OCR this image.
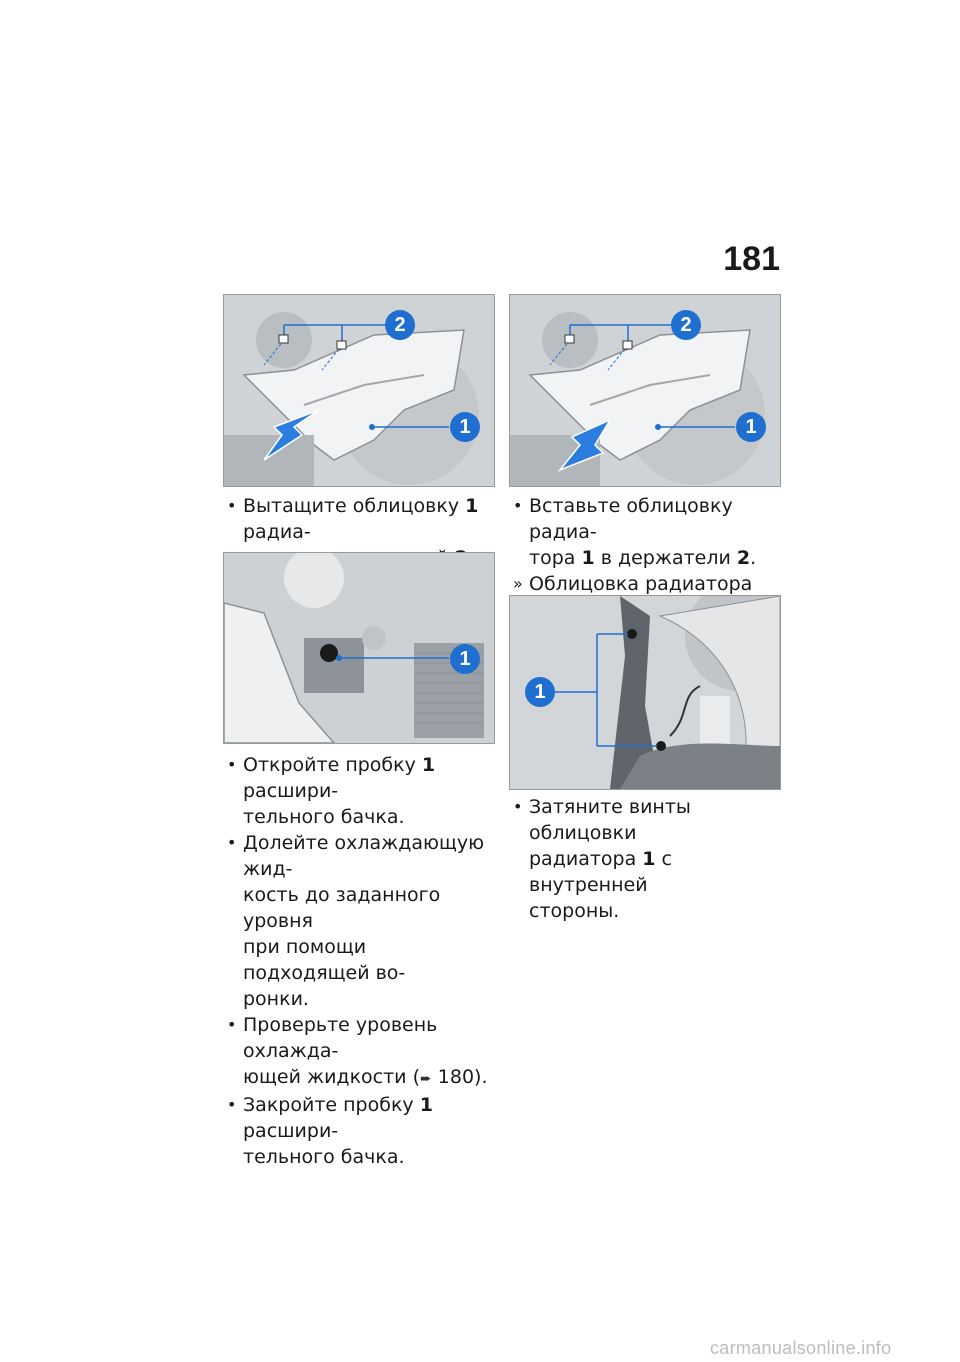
181
2
1
2
1

• Вытащите облицовку 1 радиа-

1

• Вставьте облицовку радиа-
тора 1 в держатели 2.

» Облицовка радиатора

1

• Откройте пробку 1 расшири-
тельного бачка.

• Долейте охлаждающую жид-
кость до заданного уровня
при помощи подходящей во-
ронки.

• Проверьте уровень охлажда-
ющей жидкости (➨ 180).

• Закройте пробку 1 расшири-
тельного бачка.

• Затяните винты облицовки
радиатора 1 с внутренней
стороны.

carmanualsonline.info
